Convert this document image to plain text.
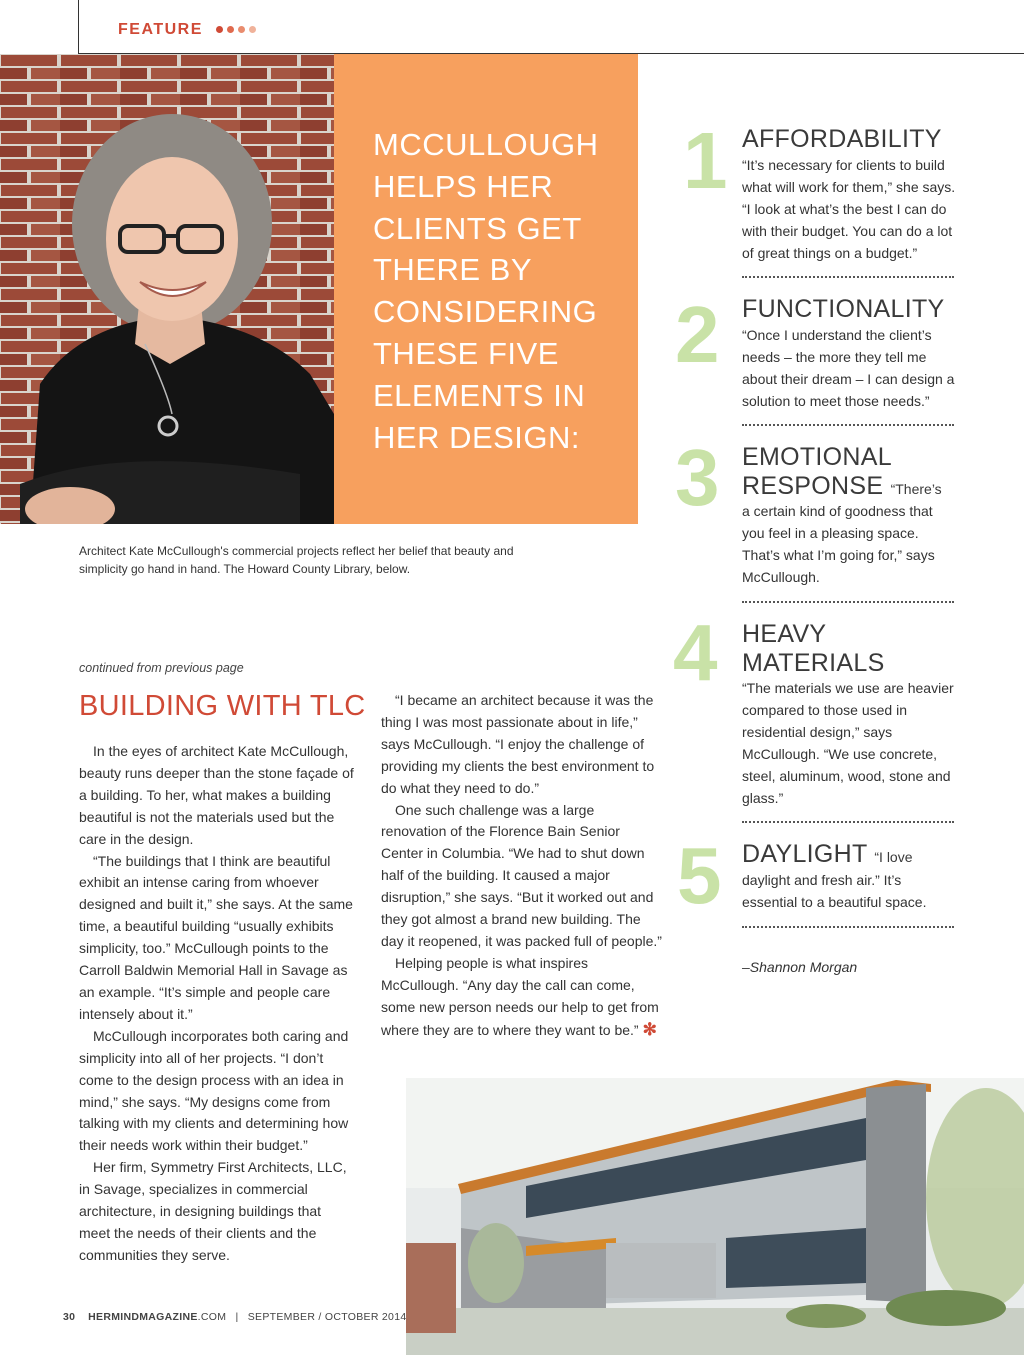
FEATURE
MCCULLOUGH HELPS HER CLIENTS GET THERE BY CONSIDERING THESE FIVE ELEMENTS IN HER DESIGN:
Architect Kate McCullough's commercial projects reflect her belief that beauty and simplicity go hand in hand. The Howard County Library, below.
continued from previous page
BUILDING WITH TLC

In the eyes of architect Kate McCullough, beauty runs deeper than the stone façade of a building. To her, what makes a building beautiful is not the materials used but the care in the design.

“The buildings that I think are beautiful exhibit an intense caring from whoever designed and built it,” she says. At the same time, a beautiful building “usually exhibits simplicity, too.” McCullough points to the Carroll Baldwin Memorial Hall in Savage as an example. “It’s simple and people care intensely about it.”

McCullough incorporates both caring and simplicity into all of her projects. “I don’t come to the design process with an idea in mind,” she says. “My designs come from talking with my clients and determining how their needs work within their budget.”

Her firm, Symmetry First Architects, LLC, in Savage, specializes in commercial architecture, in designing buildings that meet the needs of their clients and the communities they serve.

“I became an architect because it was the thing I was most passionate about in life,” says McCullough. “I enjoy the challenge of providing my clients the best environment to do what they need to do.”

One such challenge was a large renovation of the Florence Bain Senior Center in Columbia. “We had to shut down half of the building. It caused a major disruption,” she says. “But it worked out and they got almost a brand new building. The day it reopened, it was packed full of people.”

Helping people is what inspires McCullough. “Any day the call can come, some new person needs our help to get from where they are to where they want to be.” ✻

1 AFFORDABILITY
“It’s necessary for clients to build what will work for them,” she says. “I look at what’s the best I can do with their budget. You can do a lot of great things on a budget.”
2 FUNCTIONALITY
“Once I understand the client’s needs – the more they tell me about their dream – I can design a solution to meet those needs.”
3 EMOTIONAL
RESPONSE “There’s
a certain kind of goodness that you feel in a pleasing space. That’s what I’m going for,” says McCullough.
4 HEAVY
MATERIALS
“The materials we use are heavier compared to those used in residential design,” says McCullough. “We use concrete, steel, aluminum, wood, stone and glass.”
5 DAYLIGHT “I love
daylight and fresh air.” It’s essential to a beautiful space.
–Shannon Morgan
30 HERMINDMAGAZINE.COM | SEPTEMBER / OCTOBER 2014
